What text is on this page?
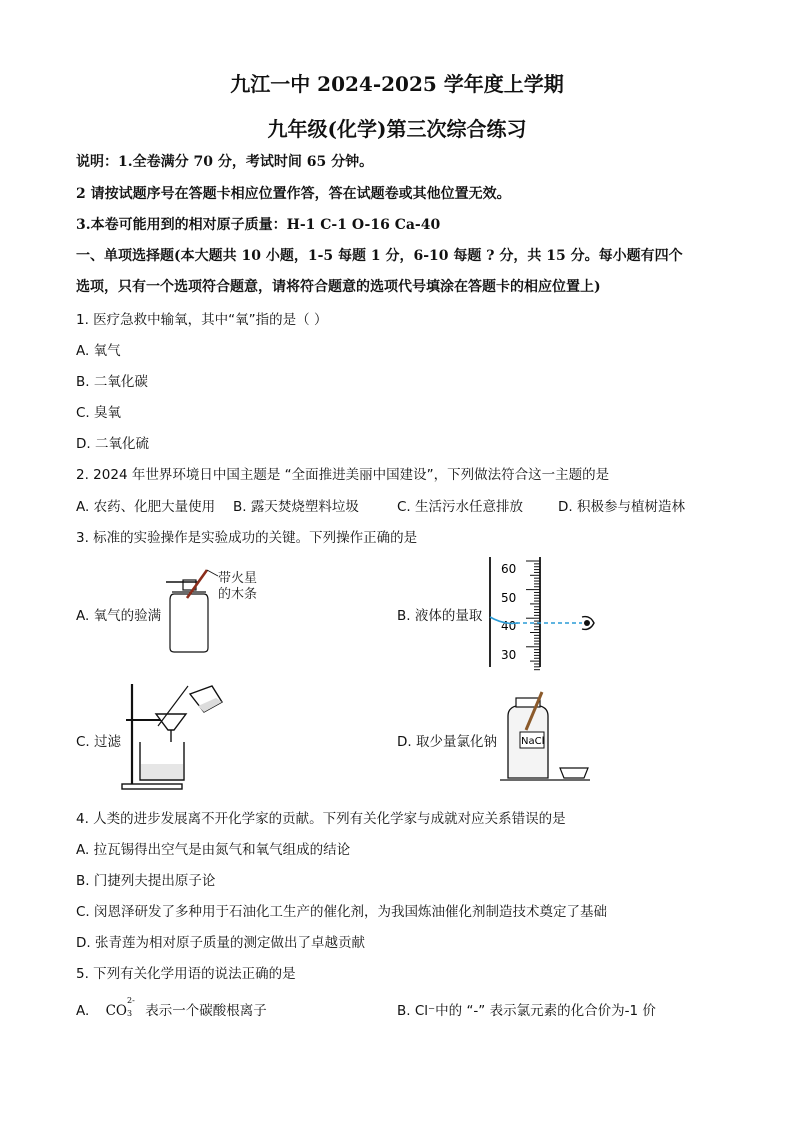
九江一中 2024-2025 学年度上学期
九年级(化学)第三次综合练习
说明：1.全卷满分 70 分，考试时间 65 分钟。
2 请按试题序号在答题卡相应位置作答，答在试题卷或其他位置无效。
3.本卷可能用到的相对原子质量：H-1 C-1 O-16 Ca-40
一、单项选择题(本大题共 10 小题，1-5 每题 1 分，6-10 每题 ? 分，共 15 分。每小题有四个
选项，只有一个选项符合题意，请将符合题意的选项代号填涂在答题卡的相应位置上)
1. 医疗急救中输氧，其中“氧”指的是（ ）
A. 氧气
B. 二氧化碳
C. 臭氧
D. 二氧化硫
2. 2024 年世界环境日中国主题是 “全面推进美丽中国建设”，下列做法符合这一主题的是
A. 农药、化肥大量使用 B. 露天焚烧塑料垃圾	C. 生活污水任意排放	D. 积极参与植树造林
3. 标准的实验操作是实验成功的关键。下列操作正确的是
A. 氧气的验满
带火星
的木条
B. 液体的量取
60
50
40
30
C. 过滤	D. 取少量氯化钠 NaCl
4. 人类的进步发展离不开化学家的贡献。下列有关化学家与成就对应关系错误的是
A. 拉瓦锡得出空气是由氮气和氧气组成的结论
B. 门捷列夫提出原子论
C. 闵恩泽研发了多种用于石油化工生产的催化剂，为我国炼油催化剂制造技术奠定了基础
D. 张青莲为相对原子质量的测定做出了卓越贡献
5. 下列有关化学用语的说法正确的是
A. CO
2-
3 表示一个碳酸根离子	B. Cl⁻中的 “-” 表示氯元素的化合价为-1 价
